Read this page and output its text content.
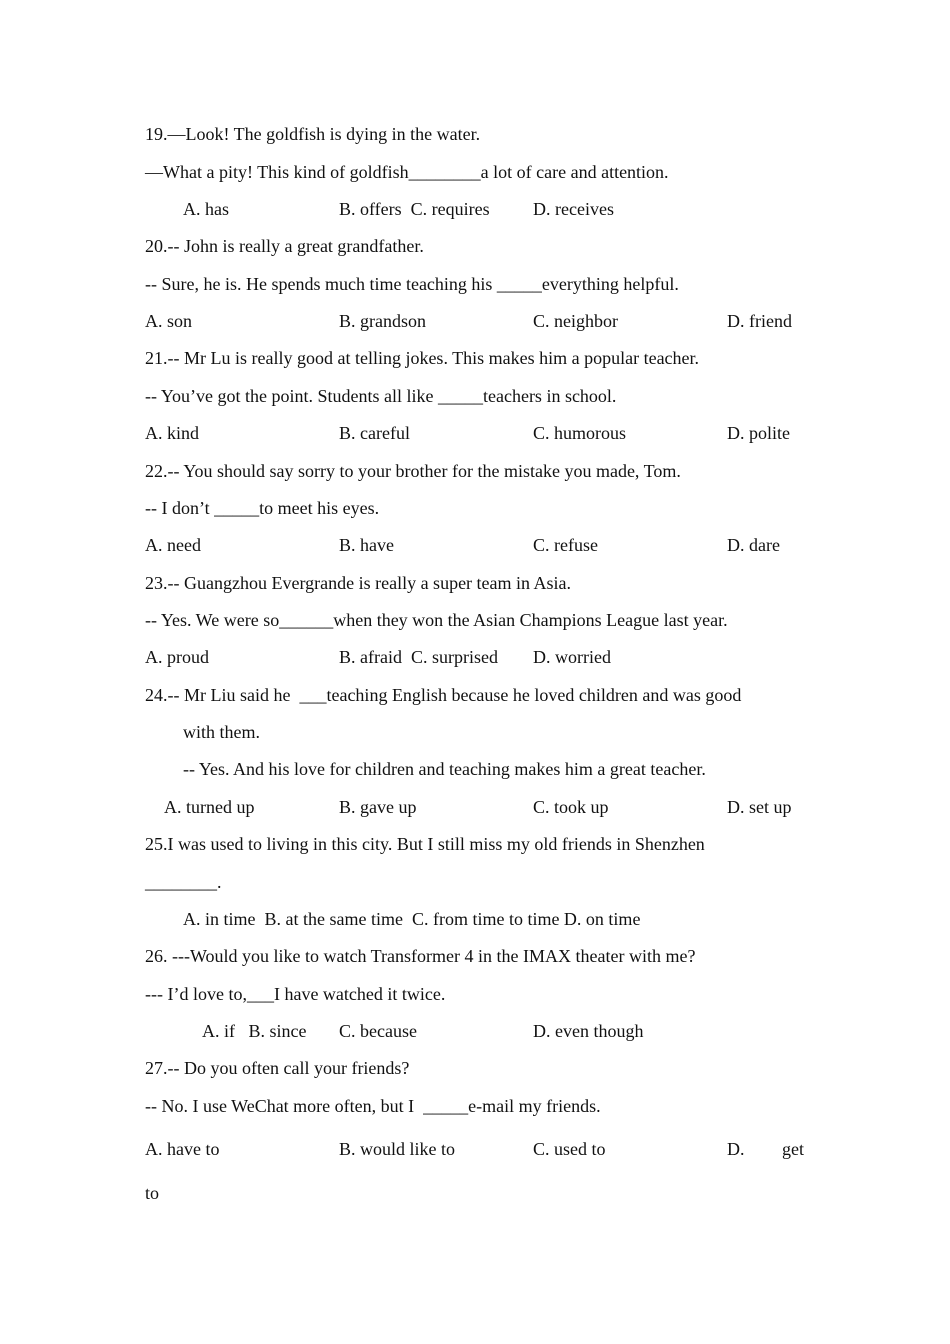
19.—Look! The goldfish is dying in the water.
—What a pity! This kind of goldfish________a lot of care and attention.
A. has	B. offers  C. requires D. receives
20.-- John is really a great grandfather.
-- Sure, he is. He spends much time teaching his _____everything helpful.
A. son	B. grandson	C. neighbor	D. friend
21.-- Mr Lu is really good at telling jokes. This makes him a popular teacher.
-- You’ve got the point. Students all like _____teachers in school.
A. kind	B. careful	C. humorous	D. polite
22.-- You should say sorry to your brother for the mistake you made, Tom.
-- I don’t _____to meet his eyes.
A. need	B. have	C. refuse	D. dare
23.-- Guangzhou Evergrande is really a super team in Asia.
-- Yes. We were so______when they won the Asian Champions League last year.
A. proud	B. afraid  C. surprised D. worried
24.-- Mr Liu said he  ___teaching English because he loved children and was good
with them.
-- Yes. And his love for children and teaching makes him a great teacher.
A. turned up	B. gave up	C. took up	D. set up
25.I was used to living in this city. But I still miss my old friends in Shenzhen
________.
A. in time  B. at the same time  C. from time to time D. on time
26. ---Would you like to watch Transformer 4 in the IMAX theater with me?
--- I’d love to,___I have watched it twice.
A. if   B. since C. because	D. even though
27.-- Do you often call your friends?
-- No. I use WeChat more often, but I  _____e-mail my friends.
A. have to	B. would like to	C. used to	D. get
to
